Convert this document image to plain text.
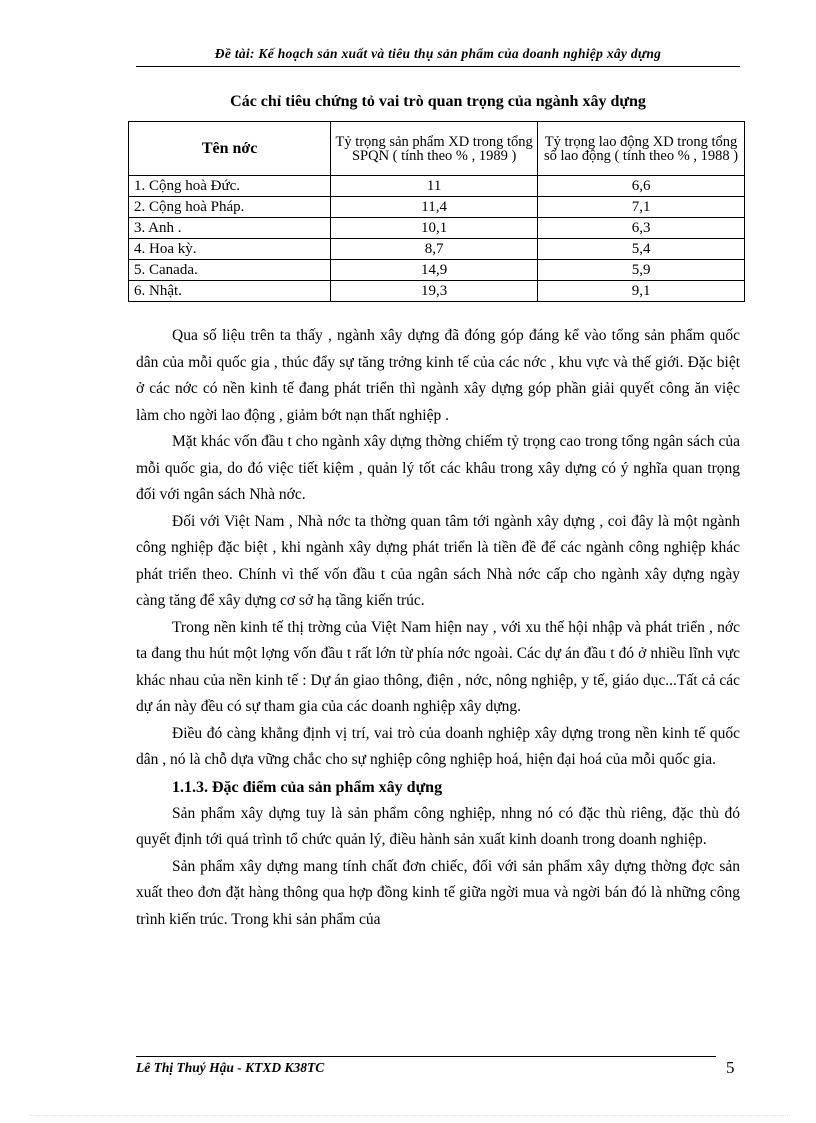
Đề tài: Kế hoạch sản xuất và tiêu thụ sản phẩm của doanh nghiệp xây dựng
Các chỉ tiêu chứng tỏ vai trò quan trọng của ngành xây dựng
Tên nớc	Tỷ trọng sản phẩm XD trong tổng SPQN ( tính theo % , 1989 )	Tỷ trọng lao động XD trong tổng số lao động ( tính theo % , 1988 )
1. Cộng hoà Đức.	11	6,6
2. Cộng hoà Pháp.	11,4	7,1
3. Anh .	10,1	6,3
4. Hoa kỳ.	8,7	5,4
5. Canada.	14,9	5,9
6. Nhật.	19,3	9,1

Qua số liệu trên ta thấy , ngành xây dựng đã đóng góp đáng kể vào tổng sản phẩm quốc dân của mỗi quốc gia , thúc đẩy sự tăng trởng kinh tế của các nớc , khu vực và thế giới. Đặc biệt ở các nớc có nền kinh tế đang phát triển thì ngành xây dựng góp phần giải quyết công ăn việc làm cho ngời lao động , giảm bớt nạn thất nghiệp .

Mặt khác vốn đầu t cho ngành xây dựng thờng chiếm tỷ trọng cao trong tổng ngân sách của mỗi quốc gia, do đó việc tiết kiệm , quản lý tốt các khâu trong xây dựng có ý nghĩa quan trọng đối với ngân sách Nhà nớc.

Đối với Việt Nam , Nhà nớc ta thờng quan tâm tới ngành xây dựng , coi đây là một ngành công nghiệp đặc biệt , khi ngành xây dựng phát triển là tiền đề để các ngành công nghiệp khác phát triển theo. Chính vì thế vốn đầu t của ngân sách Nhà nớc cấp cho ngành xây dựng ngày càng tăng để xây dựng cơ sở hạ tầng kiến trúc.

Trong nền kinh tế thị trờng của Việt Nam hiện nay , với xu thế hội nhập và phát triển , nớc ta đang thu hút một lợng vốn đầu t rất lớn từ phía nớc ngoài. Các dự án đầu t đó ở nhiều lĩnh vực khác nhau của nền kinh tế : Dự án giao thông, điện , nớc, nông nghiệp, y tế, giáo dục...Tất cả các dự án này đều có sự tham gia của các doanh nghiệp xây dựng.

Điều đó càng khẳng định vị trí, vai trò của doanh nghiệp xây dựng trong nền kinh tế quốc dân , nó là chỗ dựa vững chắc cho sự nghiệp công nghiệp hoá, hiện đại hoá của mỗi quốc gia.

1.1.3. Đặc điểm của sản phẩm xây dựng

Sản phẩm xây dựng tuy là sản phẩm công nghiệp, nhng nó có đặc thù riêng, đặc thù đó quyết định tới quá trình tổ chức quản lý, điều hành sản xuất kinh doanh trong doanh nghiệp.

Sản phẩm xây dựng mang tính chất đơn chiếc, đối với sản phẩm xây dựng thờng đợc sản xuất theo đơn đặt hàng thông qua hợp đồng kinh tế giữa ngời mua và ngời bán đó là những công trình kiến trúc. Trong khi sản phẩm của

Lê Thị Thuý Hậu - KTXD K38TC	5
